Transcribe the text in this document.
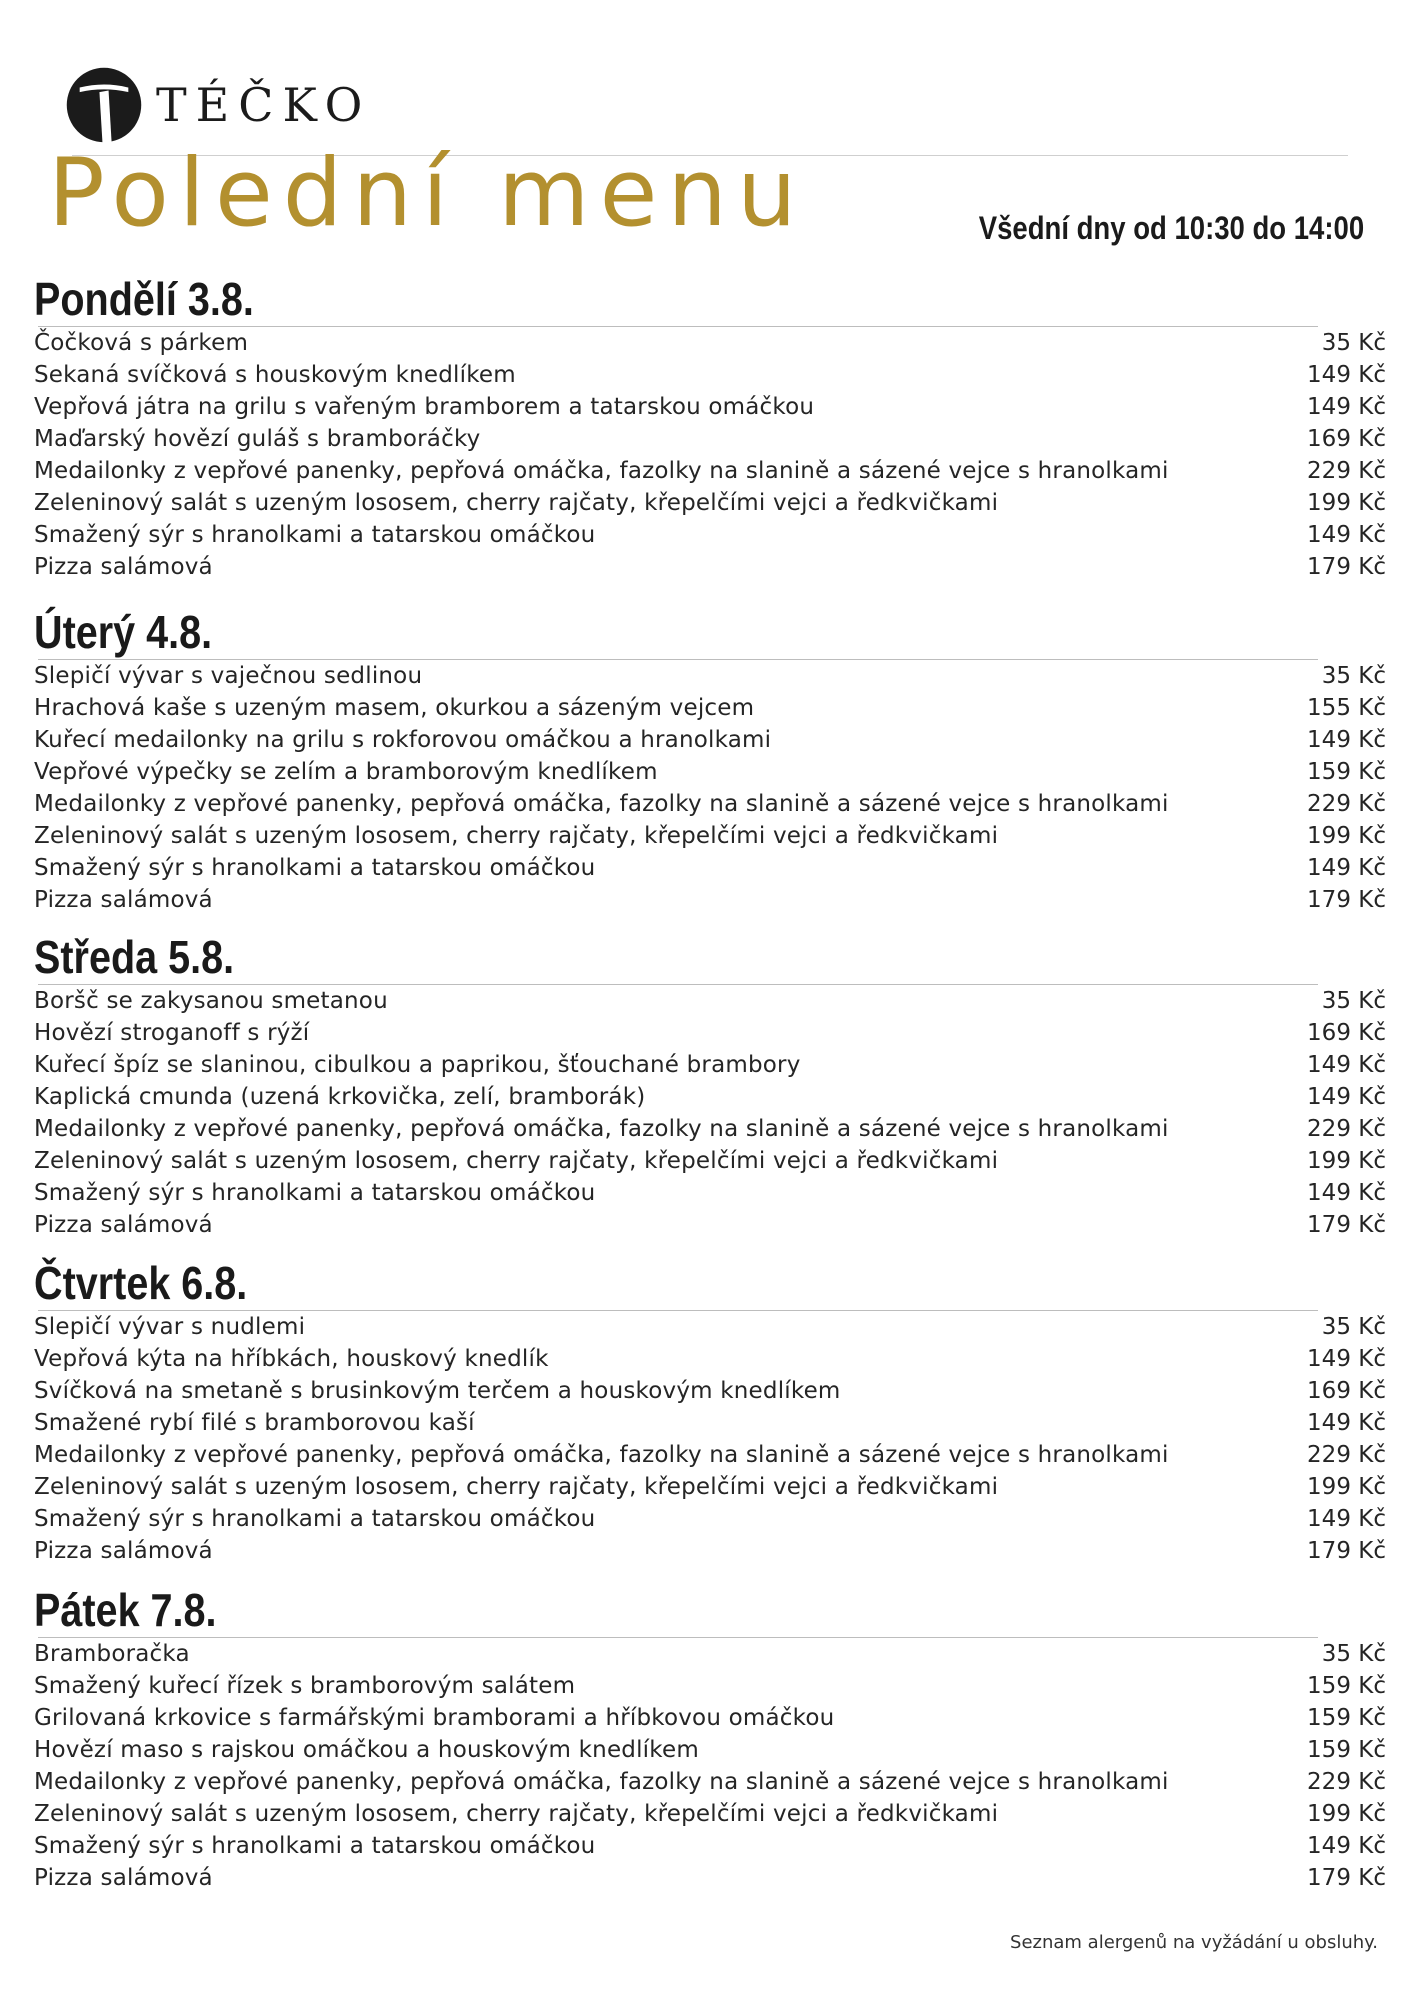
TÉČKO
Polední menu	Všední dny od 10:30 do 14:00
Pondělí 3.8.
Čočková s párkem	35 Kč
Sekaná svíčková s houskovým knedlíkem	149 Kč
Vepřová játra na grilu s vařeným bramborem a tatarskou omáčkou	149 Kč
Maďarský hovězí guláš s bramboráčky	169 Kč
Medailonky z vepřové panenky, pepřová omáčka, fazolky na slanině a sázené vejce s hranolkami	229 Kč
Zeleninový salát s uzeným lososem, cherry rajčaty, křepelčími vejci a ředkvičkami	199 Kč
Smažený sýr s hranolkami a tatarskou omáčkou	149 Kč
Pizza salámová	179 Kč
Úterý 4.8.
Slepičí vývar s vaječnou sedlinou	35 Kč
Hrachová kaše s uzeným masem, okurkou a sázeným vejcem	155 Kč
Kuřecí medailonky na grilu s rokforovou omáčkou a hranolkami	149 Kč
Vepřové výpečky se zelím a bramborovým knedlíkem	159 Kč
Medailonky z vepřové panenky, pepřová omáčka, fazolky na slanině a sázené vejce s hranolkami	229 Kč
Zeleninový salát s uzeným lososem, cherry rajčaty, křepelčími vejci a ředkvičkami	199 Kč
Smažený sýr s hranolkami a tatarskou omáčkou	149 Kč
Pizza salámová	179 Kč
Středa 5.8.
Boršč se zakysanou smetanou	35 Kč
Hovězí stroganoff s rýží	169 Kč
Kuřecí špíz se slaninou, cibulkou a paprikou, šťouchané brambory	149 Kč
Kaplická cmunda (uzená krkovička, zelí, bramborák)	149 Kč
Medailonky z vepřové panenky, pepřová omáčka, fazolky na slanině a sázené vejce s hranolkami	229 Kč
Zeleninový salát s uzeným lososem, cherry rajčaty, křepelčími vejci a ředkvičkami	199 Kč
Smažený sýr s hranolkami a tatarskou omáčkou	149 Kč
Pizza salámová	179 Kč
Čtvrtek 6.8.
Slepičí vývar s nudlemi	35 Kč
Vepřová kýta na hříbkách, houskový knedlík	149 Kč
Svíčková na smetaně s brusinkovým terčem a houskovým knedlíkem	169 Kč
Smažené rybí filé s bramborovou kaší	149 Kč
Medailonky z vepřové panenky, pepřová omáčka, fazolky na slanině a sázené vejce s hranolkami	229 Kč
Zeleninový salát s uzeným lososem, cherry rajčaty, křepelčími vejci a ředkvičkami	199 Kč
Smažený sýr s hranolkami a tatarskou omáčkou	149 Kč
Pizza salámová	179 Kč
Pátek 7.8.
Bramboračka	35 Kč
Smažený kuřecí řízek s bramborovým salátem	159 Kč
Grilovaná krkovice s farmářskými bramborami a hříbkovou omáčkou	159 Kč
Hovězí maso s rajskou omáčkou a houskovým knedlíkem	159 Kč
Medailonky z vepřové panenky, pepřová omáčka, fazolky na slanině a sázené vejce s hranolkami	229 Kč
Zeleninový salát s uzeným lososem, cherry rajčaty, křepelčími vejci a ředkvičkami	199 Kč
Smažený sýr s hranolkami a tatarskou omáčkou	149 Kč
Pizza salámová	179 Kč
Seznam alergenů na vyžádání u obsluhy.
